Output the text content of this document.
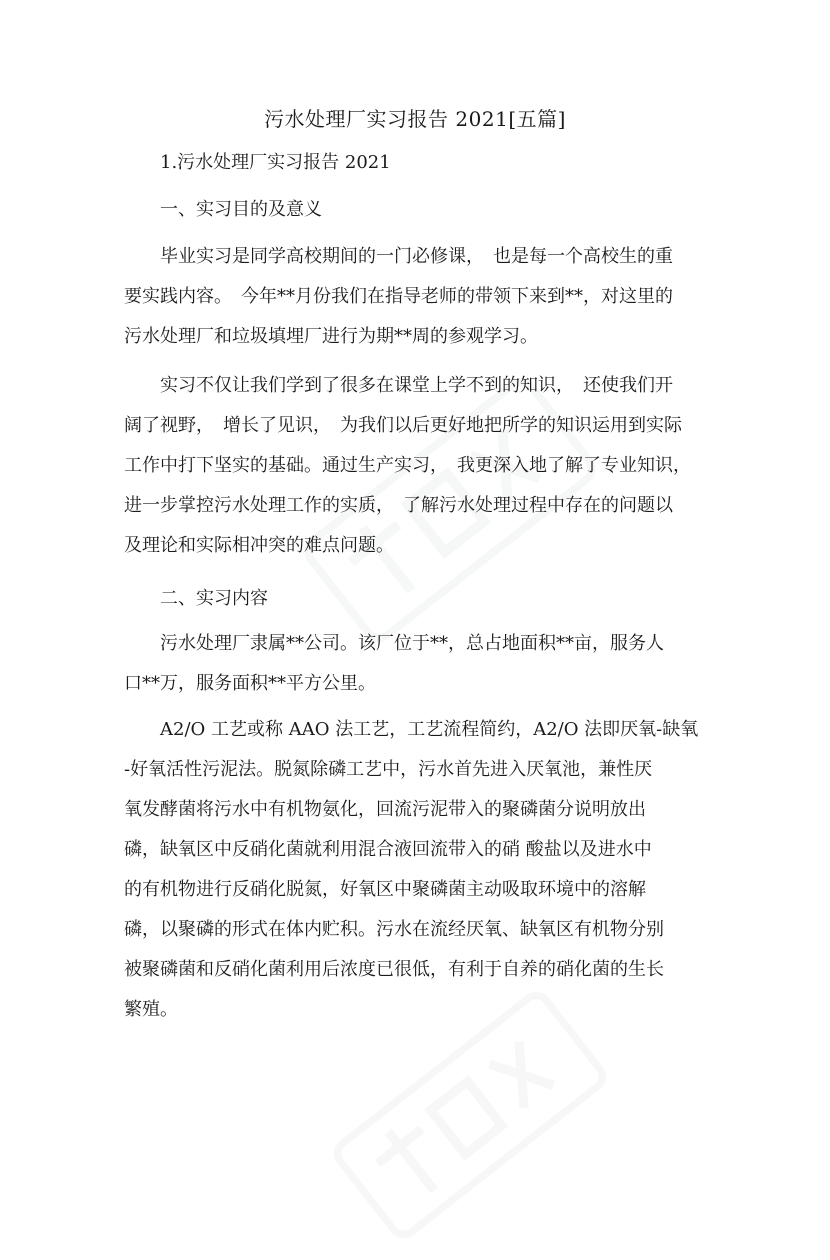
污水处理厂实习报告 2021[五篇]
1.污水处理厂实习报告 2021
一、实习目的及意义
　　毕业实习是同学高校期间的一门必修课，　也是每一个高校生的重
要实践内容。　今年**月份我们在指导老师的带领下来到**，对这里的
污水处理厂和垃圾填埋厂进行为期**周的参观学习。
　　实习不仅让我们学到了很多在课堂上学不到的知识，　还使我们开
阔了视野，　增长了见识，　为我们以后更好地把所学的知识运用到实际
工作中打下坚实的基础。通过生产实习，　我更深入地了解了专业知识，
进一步掌控污水处理工作的实质，　了解污水处理过程中存在的问题以
及理论和实际相冲突的难点问题。
二、实习内容
　　污水处理厂隶属**公司。该厂位于**，总占地面积**亩，服务人
口**万，服务面积**平方公里。
　　A2/O 工艺或称 AAO 法工艺，工艺流程简约，A2/O 法即厌氧-缺氧
-好氧活性污泥法。脱氮除磷工艺中，污水首先进入厌氧池，兼性厌
氧发酵菌将污水中有机物氨化，回流污泥带入的聚磷菌分说明放出
磷，缺氧区中反硝化菌就利用混合液回流带入的硝 酸盐以及进水中
的有机物进行反硝化脱氮，好氧区中聚磷菌主动吸取环境中的溶解
磷，以聚磷的形式在体内贮积。污水在流经厌氧、缺氧区有机物分别
被聚磷菌和反硝化菌利用后浓度已很低，有利于自养的硝化菌的生长
繁殖。
